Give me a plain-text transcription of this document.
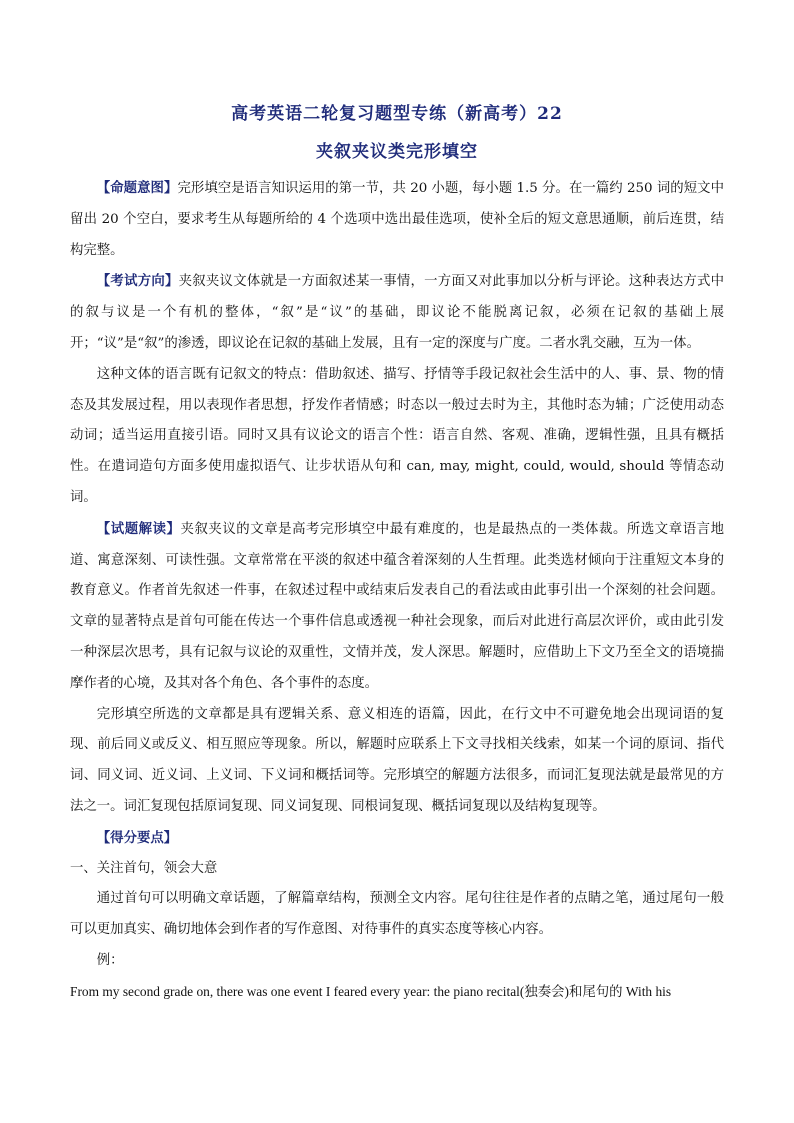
高考英语二轮复习题型专练（新高考）22
夹叙夹议类完形填空

【命题意图】完形填空是语言知识运用的第一节，共 20 小题，每小题 1.5 分。在一篇约 250 词的短文中留出 20 个空白，要求考生从每题所给的 4 个选项中选出最佳选项，使补全后的短文意思通顺，前后连贯，结构完整。

【考试方向】夹叙夹议文体就是一方面叙述某一事情，一方面又对此事加以分析与评论。这种表达方式中的叙与议是一个有机的整体，“叙”是“议”的基础，即议论不能脱离记叙，必须在记叙的基础上展开；“议”是“叙”的渗透，即议论在记叙的基础上发展，且有一定的深度与广度。二者水乳交融，互为一体。

这种文体的语言既有记叙文的特点：借助叙述、描写、抒情等手段记叙社会生活中的人、事、景、物的情态及其发展过程，用以表现作者思想，抒发作者情感；时态以一般过去时为主，其他时态为辅；广泛使用动态动词；适当运用直接引语。同时又具有议论文的语言个性：语言自然、客观、准确，逻辑性强，且具有概括性。在遣词造句方面多使用虚拟语气、让步状语从句和 can, may, might, could, would, should 等情态动词。

【试题解读】夹叙夹议的文章是高考完形填空中最有难度的，也是最热点的一类体裁。所选文章语言地道、寓意深刻、可读性强。文章常常在平淡的叙述中蕴含着深刻的人生哲理。此类选材倾向于注重短文本身的教育意义。作者首先叙述一件事，在叙述过程中或结束后发表自己的看法或由此事引出一个深刻的社会问题。文章的显著特点是首句可能在传达一个事件信息或透视一种社会现象，而后对此进行高层次评价，或由此引发一种深层次思考，具有记叙与议论的双重性，文情并茂，发人深思。解题时，应借助上下文乃至全文的语境揣摩作者的心境，及其对各个角色、各个事件的态度。

完形填空所选的文章都是具有逻辑关系、意义相连的语篇，因此，在行文中不可避免地会出现词语的复现、前后同义或反义、相互照应等现象。所以，解题时应联系上下文寻找相关线索，如某一个词的原词、指代词、同义词、近义词、上义词、下义词和概括词等。完形填空的解题方法很多，而词汇复现法就是最常见的方法之一。词汇复现包括原词复现、同义词复现、同根词复现、概括词复现以及结构复现等。

【得分要点】

一、关注首句，领会大意

通过首句可以明确文章话题，了解篇章结构，预测全文内容。尾句往往是作者的点睛之笔，通过尾句一般可以更加真实、确切地体会到作者的写作意图、对待事件的真实态度等核心内容。

例：

From my second grade on, there was one event I feared every year: the piano recital(独奏会)和尾句的 With his
